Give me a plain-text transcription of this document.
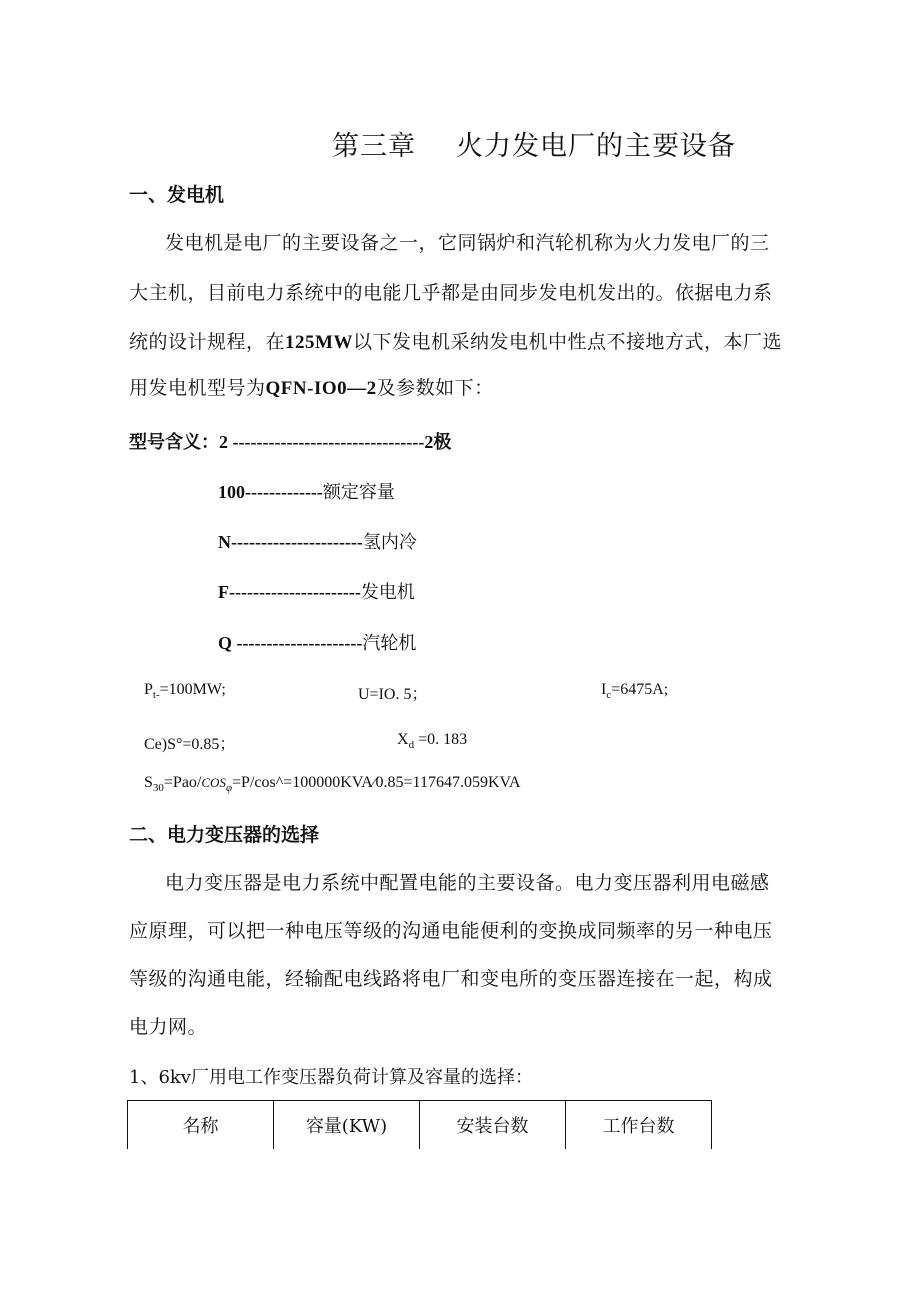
第三章 火力发电厂的主要设备
一、发电机
发电机是电厂的主要设备之一，它同锅炉和汽轮机称为火力发电厂的三
大主机，目前电力系统中的电能几乎都是由同步发电机发出的。依据电力系
统的设计规程，在125MW以下发电机采纳发电机中性点不接地方式，本厂选
用发电机型号为QFN-IO0—2及参数如下：
型号含义：2 --------------------------------2极
100-------------额定容量
N----------------------氢内冷
F----------------------发电机
Q ---------------------汽轮机
$P_{t-}=100MW$;	U=IO. 5；	$I_c=6475A$;
Ce)S°=0.85；	$X_d =0$. 183
$S_{30}=Pao/COS_\varphi=P/\cos\^{}=100000KVA⁄0.85=117647.059KVA$
二、电力变压器的选择
电力变压器是电力系统中配置电能的主要设备。电力变压器利用电磁感
应原理，可以把一种电压等级的沟通电能便利的变换成同频率的另一种电压
等级的沟通电能，经输配电线路将电厂和变电所的变压器连接在一起，构成
电力网。
1、6kv厂用电工作变压器负荷计算及容量的选择：
名称	容量(KW)	安装台数	工作台数
